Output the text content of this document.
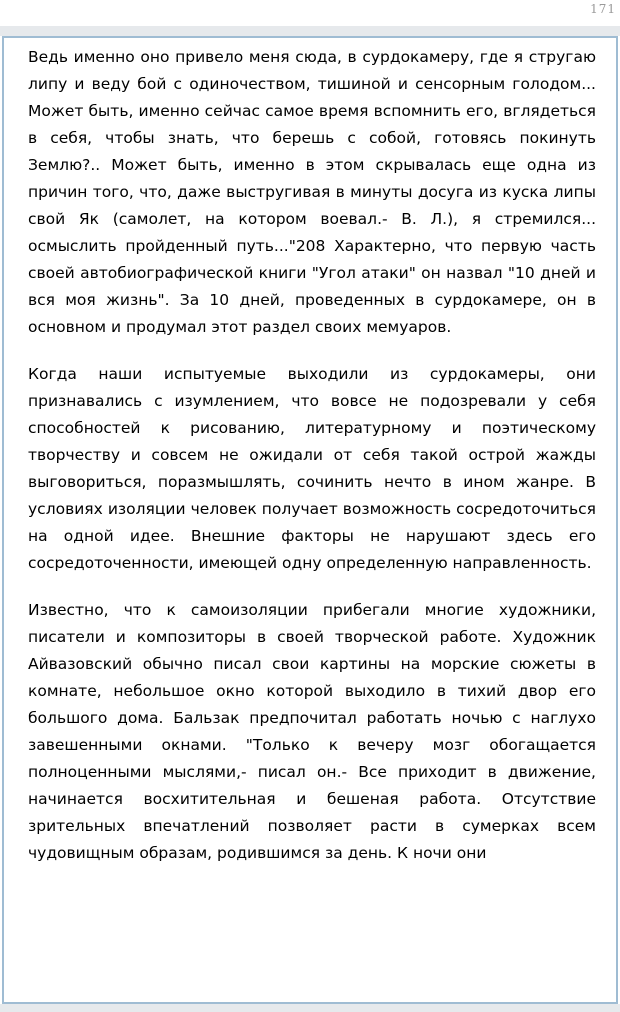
171

Ведь именно оно привело меня сюда, в сурдокамеру, где я стругаю липу и веду бой с одиночеством, тишиной и сенсорным голодом... Может быть, именно сейчас самое время вспомнить его, вглядеться в себя, чтобы знать, что берешь с собой, готовясь покинуть Землю?.. Может быть, именно в этом скрывалась еще одна из причин того, что, даже выстругивая в минуты досуга из куска липы свой Як (самолет, на котором воевал.- В. Л.), я стремился... осмыслить пройденный путь..."208 Характерно, что первую часть своей автобиографической книги "Угол атаки" он назвал "10 дней и вся моя жизнь". За 10 дней, проведенных в сурдокамере, он в основном и продумал этот раздел своих мемуаров.

Когда наши испытуемые выходили из сурдокамеры, они признавались с изумлением, что вовсе не подозревали у себя способностей к рисованию, литературному и поэтическому творчеству и совсем не ожидали от себя такой острой жажды выговориться, поразмышлять, сочинить нечто в ином жанре. В условиях изоляции человек получает возможность сосредоточиться на одной идее. Внешние факторы не нарушают здесь его сосредоточенности, имеющей одну определенную направленность.

Известно, что к самоизоляции прибегали многие художники, писатели и композиторы в своей творческой работе. Художник Айвазовский обычно писал свои картины на морские сюжеты в комнате, небольшое окно которой выходило в тихий двор его большого дома. Бальзак предпочитал работать ночью с наглухо завешенными окнами. "Только к вечеру мозг обогащается полноценными мыслями,- писал он.- Все приходит в движение, начинается восхитительная и бешеная работа. Отсутствие зрительных впечатлений позволяет расти в сумерках всем чудовищным образам, родившимся за день. К ночи они
